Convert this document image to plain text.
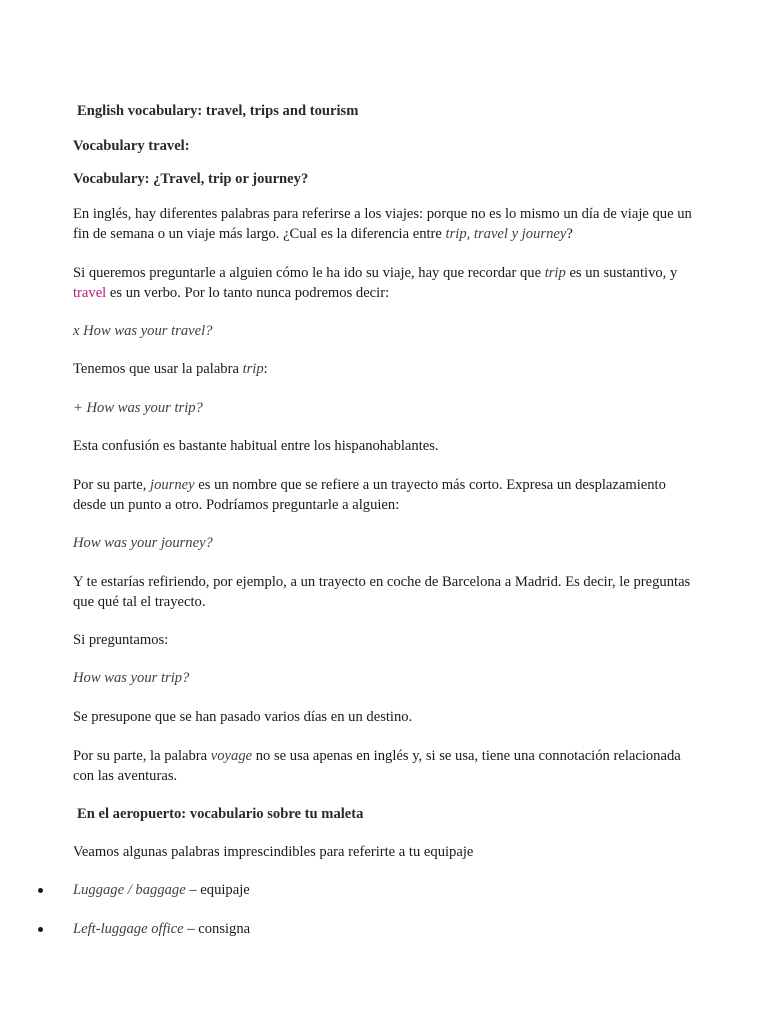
English vocabulary: travel, trips and tourism

Vocabulary travel:

Vocabulary: ¿Travel, trip or journey?

En inglés, hay diferentes palabras para referirse a los viajes: porque no es lo mismo un día de viaje que un fin de semana o un viaje más largo. ¿Cual es la diferencia entre trip, travel y journey?

Si queremos preguntarle a alguien cómo le ha ido su viaje, hay que recordar que trip es un sustantivo, y travel es un verbo. Por lo tanto nunca podremos decir:

x How was your travel?

Tenemos que usar la palabra trip:

+ How was your trip?

Esta confusión es bastante habitual entre los hispanohablantes.

Por su parte, journey es un nombre que se refiere a un trayecto más corto. Expresa un desplazamiento desde un punto a otro. Podríamos preguntarle a alguien:

How was your journey?

Y te estarías refiriendo, por ejemplo, a un trayecto en coche de Barcelona a Madrid. Es decir, le preguntas que qué tal el trayecto.

Si preguntamos:

How was your trip?

Se presupone que se han pasado varios días en un destino.

Por su parte, la palabra voyage no se usa apenas en inglés y, si se usa, tiene una connotación relacionada con las aventuras.

En el aeropuerto: vocabulario sobre tu maleta

Veamos algunas palabras imprescindibles para referirte a tu equipaje

Luggage / baggage – equipaje

Left-luggage office – consigna
